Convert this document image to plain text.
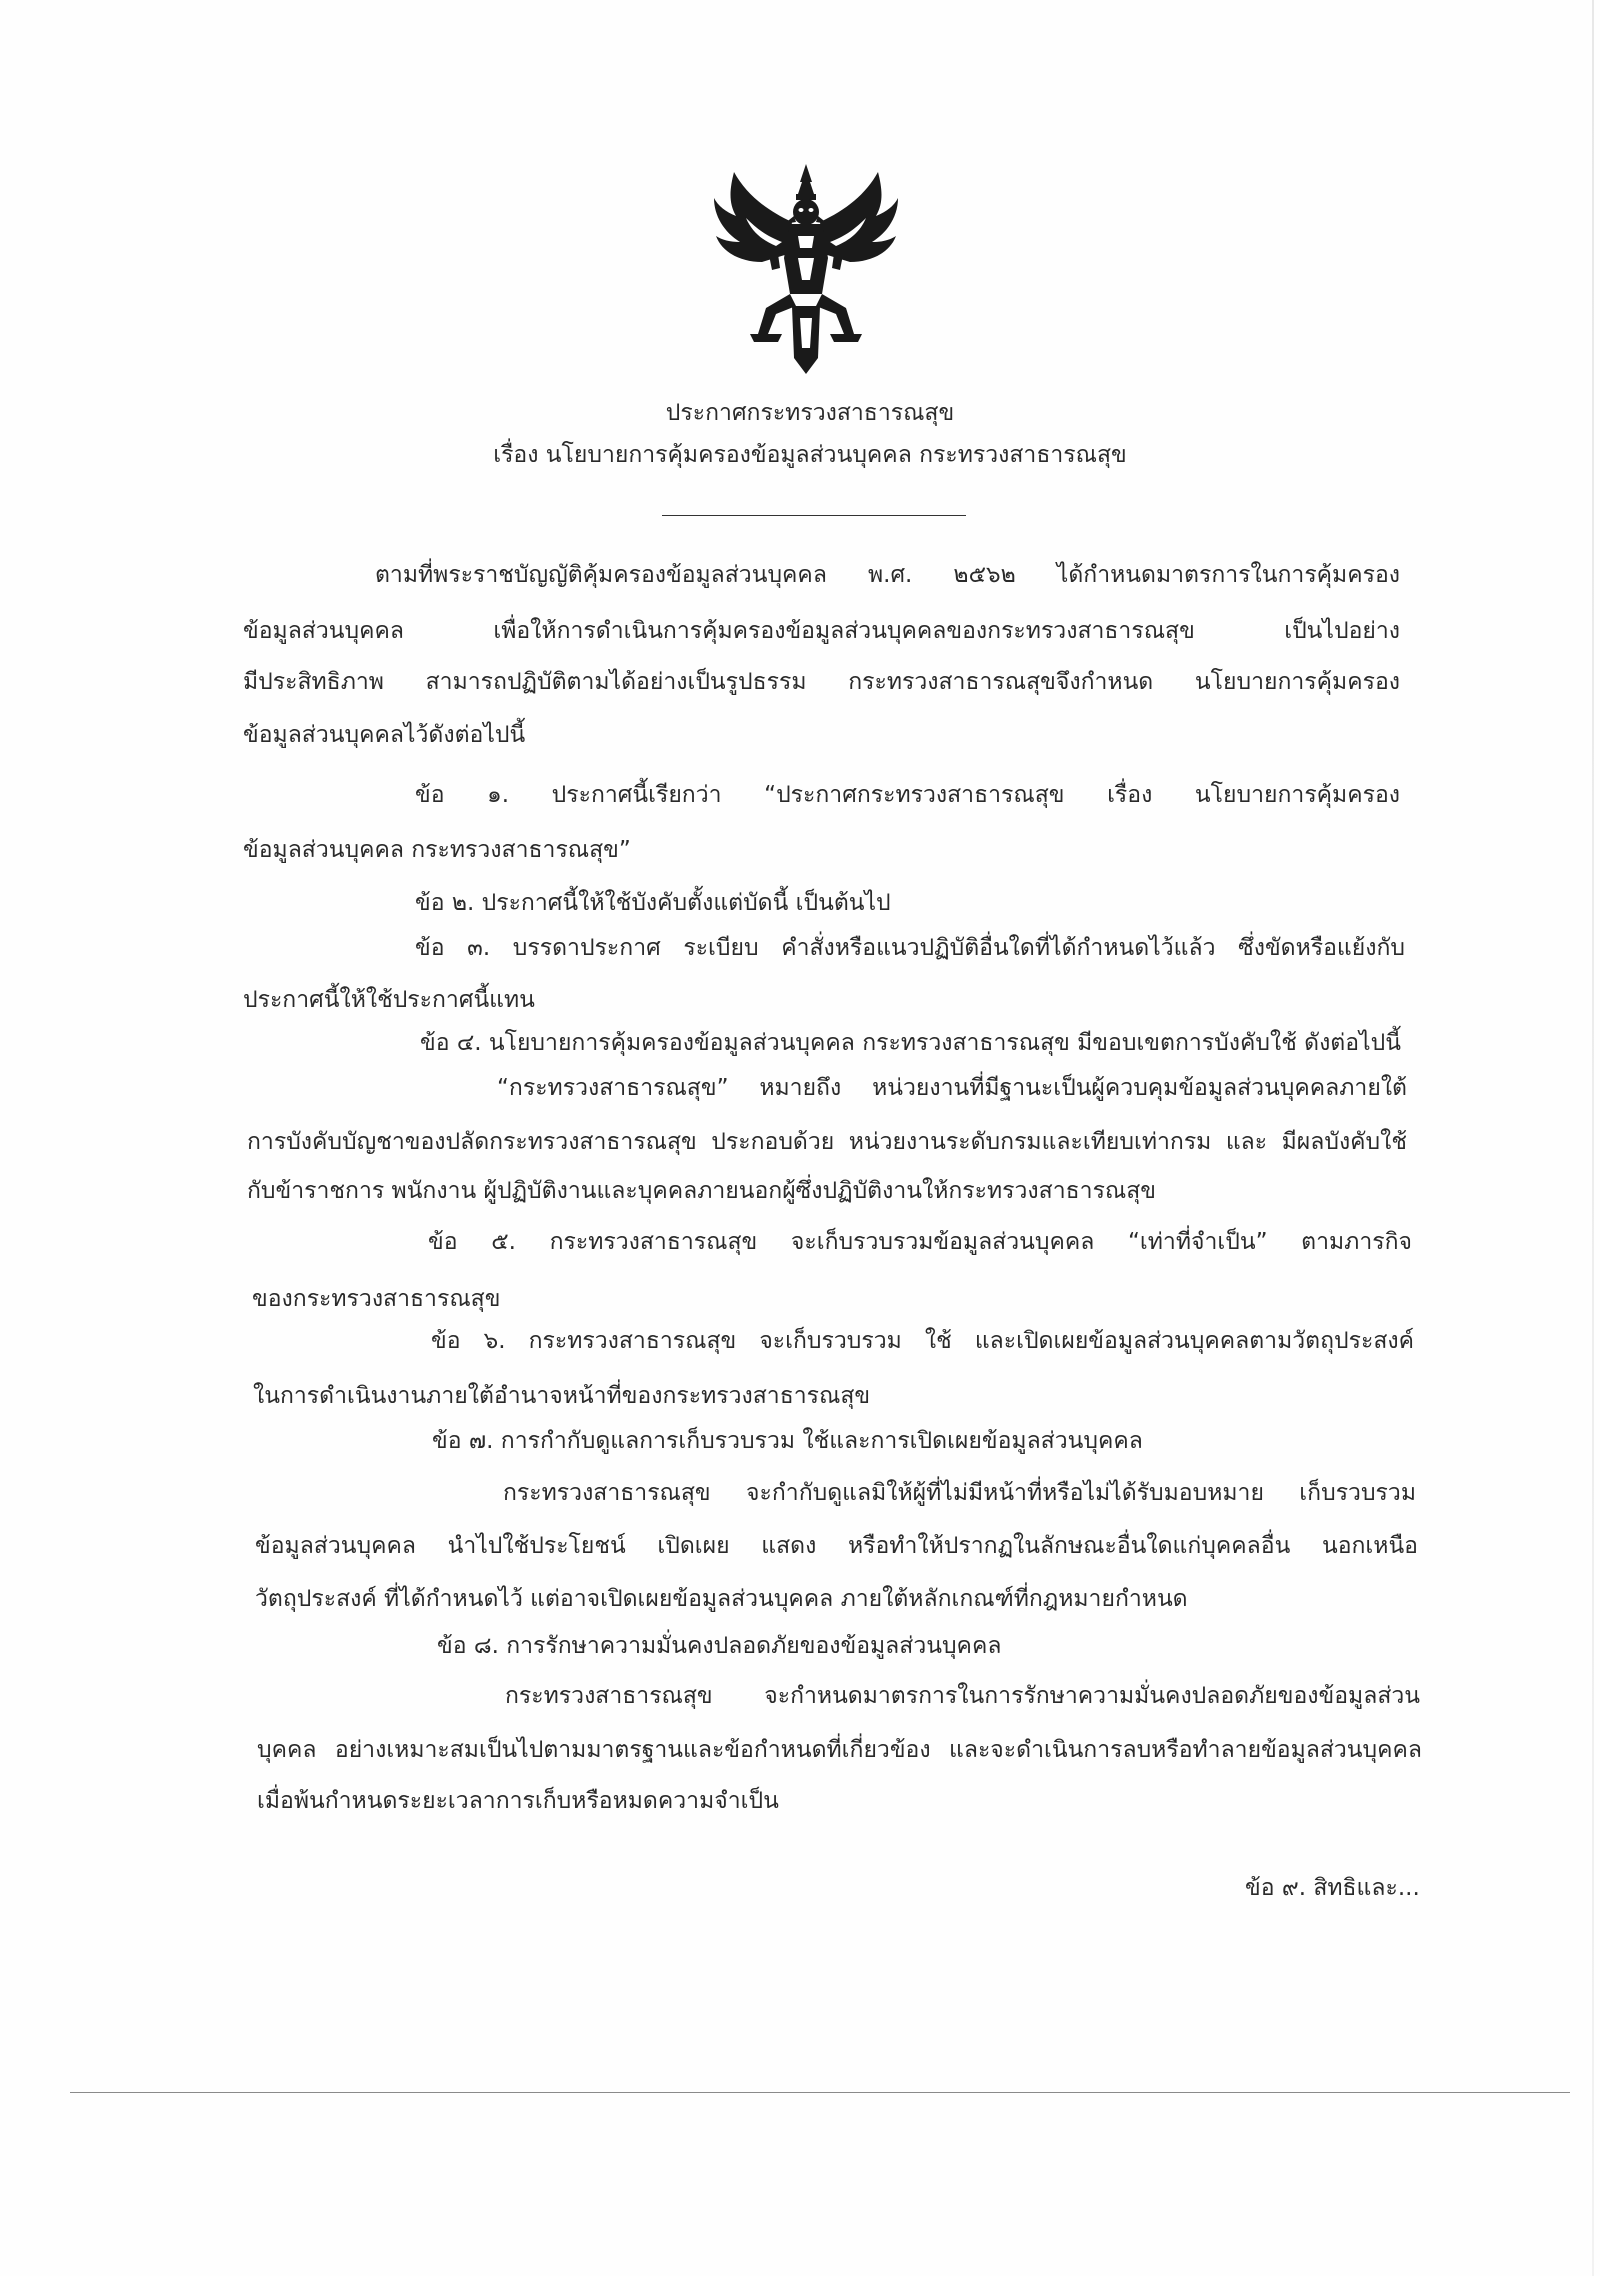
ประกาศกระทรวงสาธารณสุข
เรื่อง นโยบายการคุ้มครองข้อมูลส่วนบุคคล กระทรวงสาธารณสุข
ตามที่พระราชบัญญัติคุ้มครองข้อมูลส่วนบุคคล พ.ศ. ๒๕๖๒ ได้กำหนดมาตรการในการคุ้มครอง
ข้อมูลส่วนบุคคล เพื่อให้การดำเนินการคุ้มครองข้อมูลส่วนบุคคลของกระทรวงสาธารณสุข เป็นไปอย่าง
มีประสิทธิภาพ สามารถปฏิบัติตามได้อย่างเป็นรูปธรรม กระทรวงสาธารณสุขจึงกำหนด นโยบายการคุ้มครอง
ข้อมูลส่วนบุคคลไว้ดังต่อไปนี้
ข้อ ๑. ประกาศนี้เรียกว่า “ประกาศกระทรวงสาธารณสุข เรื่อง นโยบายการคุ้มครอง
ข้อมูลส่วนบุคคล กระทรวงสาธารณสุข”
ข้อ ๒. ประกาศนี้ให้ใช้บังคับตั้งแต่บัดนี้ เป็นต้นไป
ข้อ ๓. บรรดาประกาศ ระเบียบ คำสั่งหรือแนวปฏิบัติอื่นใดที่ได้กำหนดไว้แล้ว ซึ่งขัดหรือแย้งกับ
ประกาศนี้ให้ใช้ประกาศนี้แทน
ข้อ ๔. นโยบายการคุ้มครองข้อมูลส่วนบุคคล กระทรวงสาธารณสุข มีขอบเขตการบังคับใช้ ดังต่อไปนี้
“กระทรวงสาธารณสุข” หมายถึง หน่วยงานที่มีฐานะเป็นผู้ควบคุมข้อมูลส่วนบุคคลภายใต้
การบังคับบัญชาของปลัดกระทรวงสาธารณสุข ประกอบด้วย หน่วยงานระดับกรมและเทียบเท่ากรม และ มีผลบังคับใช้
กับข้าราชการ พนักงาน ผู้ปฏิบัติงานและบุคคลภายนอกผู้ซึ่งปฏิบัติงานให้กระทรวงสาธารณสุข
ข้อ ๕. กระทรวงสาธารณสุข จะเก็บรวบรวมข้อมูลส่วนบุคคล “เท่าที่จำเป็น” ตามภารกิจ
ของกระทรวงสาธารณสุข
ข้อ ๖. กระทรวงสาธารณสุข จะเก็บรวบรวม ใช้ และเปิดเผยข้อมูลส่วนบุคคลตามวัตถุประสงค์
ในการดำเนินงานภายใต้อำนาจหน้าที่ของกระทรวงสาธารณสุข
ข้อ ๗. การกำกับดูแลการเก็บรวบรวม ใช้และการเปิดเผยข้อมูลส่วนบุคคล
กระทรวงสาธารณสุข จะกำกับดูแลมิให้ผู้ที่ไม่มีหน้าที่หรือไม่ได้รับมอบหมาย เก็บรวบรวม
ข้อมูลส่วนบุคคล นำไปใช้ประโยชน์ เปิดเผย แสดง หรือทำให้ปรากฏในลักษณะอื่นใดแก่บุคคลอื่น นอกเหนือ
วัตถุประสงค์ ที่ได้กำหนดไว้ แต่อาจเปิดเผยข้อมูลส่วนบุคคล ภายใต้หลักเกณฑ์ที่กฎหมายกำหนด
ข้อ ๘. การรักษาความมั่นคงปลอดภัยของข้อมูลส่วนบุคคล
กระทรวงสาธารณสุข จะกำหนดมาตรการในการรักษาความมั่นคงปลอดภัยของข้อมูลส่วน
บุคคล อย่างเหมาะสมเป็นไปตามมาตรฐานและข้อกำหนดที่เกี่ยวข้อง และจะดำเนินการลบหรือทำลายข้อมูลส่วนบุคคล
เมื่อพ้นกำหนดระยะเวลาการเก็บหรือหมดความจำเป็น
ข้อ ๙. สิทธิและ...
